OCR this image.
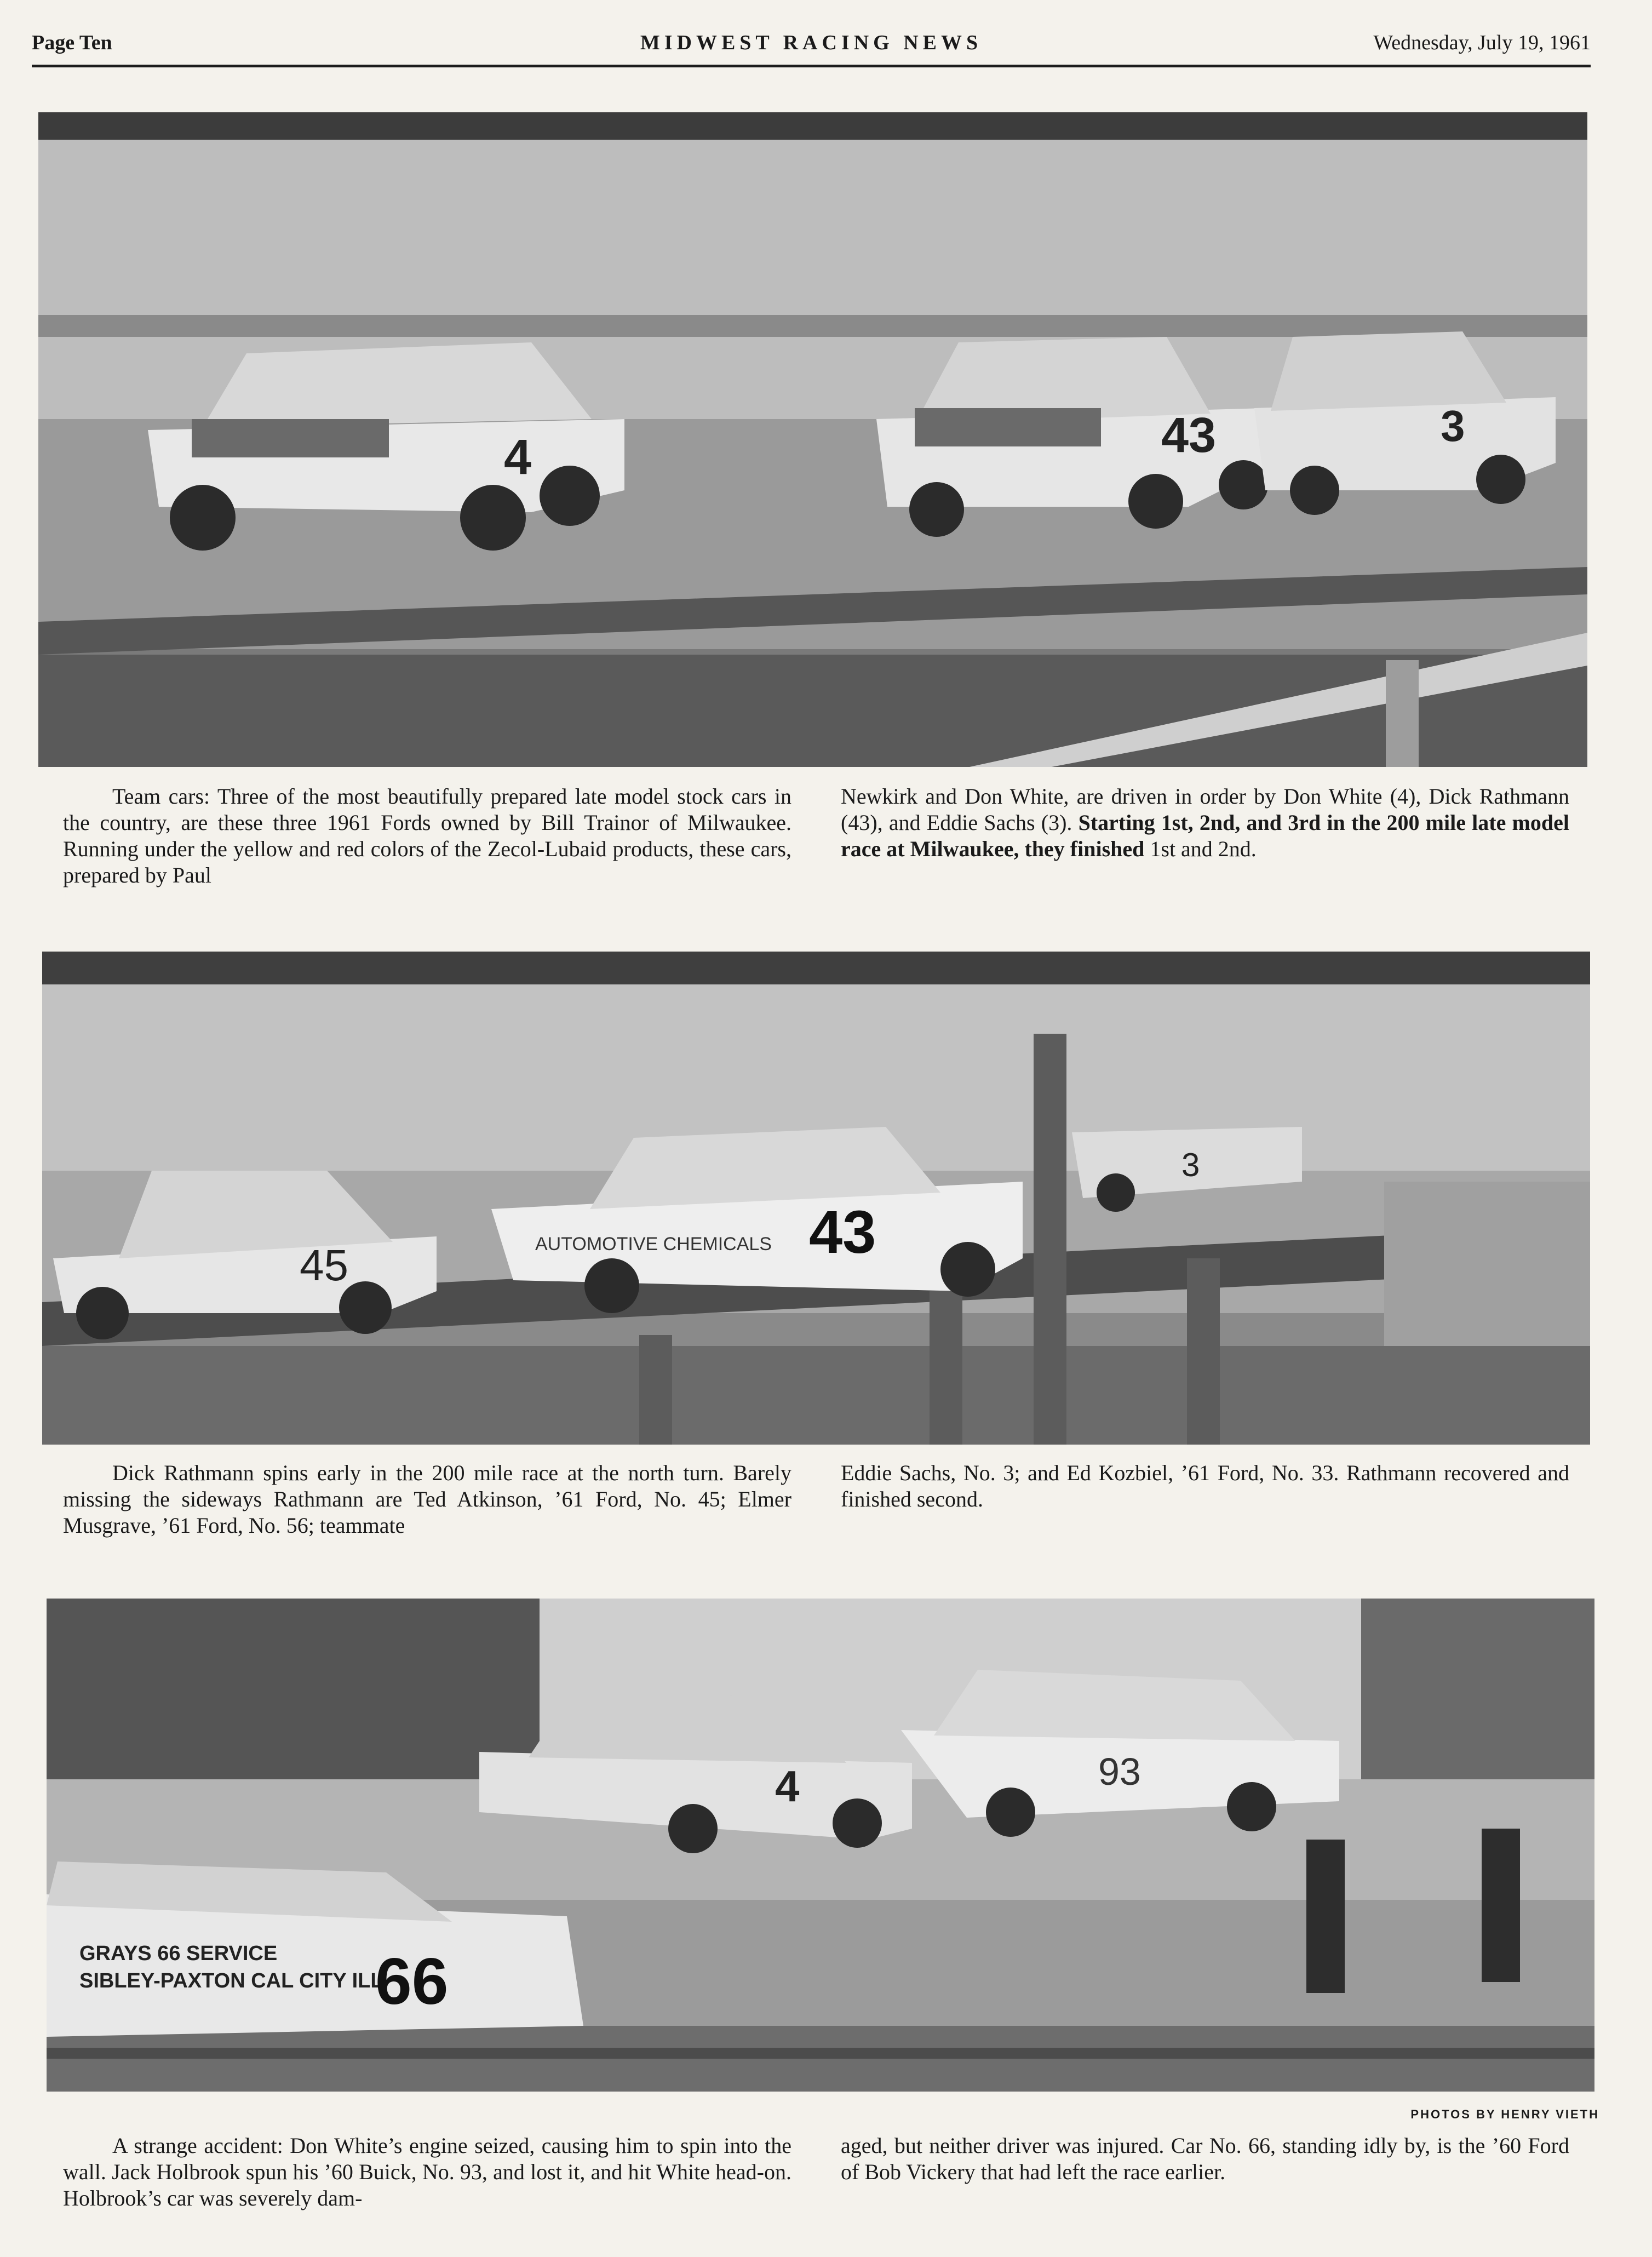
Page Ten	MIDWEST RACING NEWS	Wednesday, July 19, 1961
4	43	3

Team cars: Three of the most beautifully prepared late model stock cars in the country, are these three 1961 Fords owned by Bill Trainor of Milwaukee. Running under the yellow and red colors of the Zecol-Lubaid products, these cars, prepared by Paul

Newkirk and Don White, are driven in order by Don White (4), Dick Rathmann (43), and Eddie Sachs (3). Starting 1st, 2nd, and 3rd in the 200 mile late model race at Milwaukee, they finished 1st and 2nd.

45	AUTOMOTIVE CHEMICALS 43
3

Dick Rathmann spins early in the 200 mile race at the north turn. Barely missing the sideways Rathmann are Ted Atkinson, ’61 Ford, No. 45; Elmer Musgrave, ’61 Ford, No. 56; teammate

Eddie Sachs, No. 3; and Ed Kozbiel, ’61 Ford, No. 33. Rathmann recovered and finished second.

4	93
GRAYS 66 SERVICE
SIBLEY-PAXTON CAL CITY ILL
66
PHOTOS BY HENRY VIETH

A strange accident: Don White’s engine seized, causing him to spin into the wall. Jack Holbrook spun his ’60 Buick, No. 93, and lost it, and hit White head-on. Holbrook’s car was severely dam-

aged, but neither driver was injured. Car No. 66, standing idly by, is the ’60 Ford of Bob Vickery that had left the race earlier.
